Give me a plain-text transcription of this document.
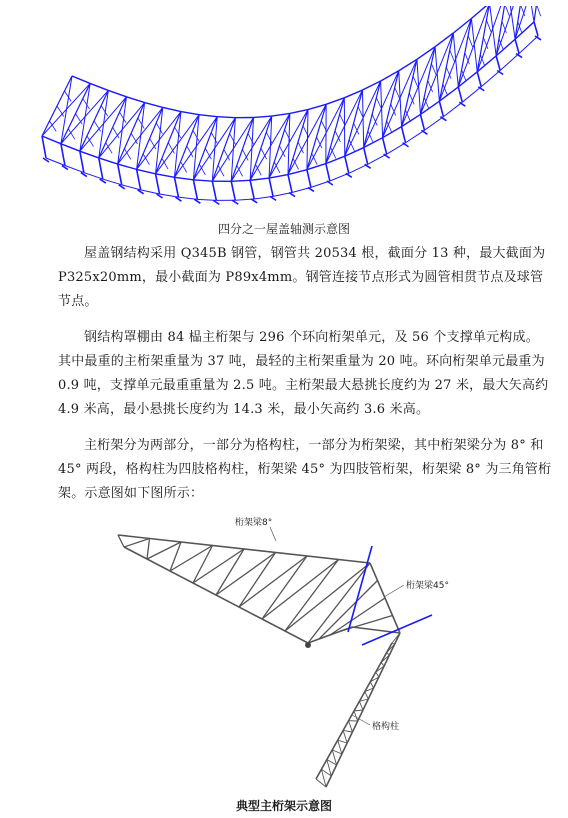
四分之一屋盖轴测示意图

屋盖钢结构采用 Q345B 钢管，钢管共 20534 根，截面分 13 种，最大截面为 P325x20mm，最小截面为 P89x4mm。钢管连接节点形式为圆管相贯节点及球管节点。

钢结构罩棚由 84 榀主桁架与 296 个环向桁架单元，及 56 个支撑单元构成。其中最重的主桁架重量为 37 吨，最轻的主桁架重量为 20 吨。环向桁架单元最重为 0.9 吨，支撑单元最重重量为 2.5 吨。主桁架最大悬挑长度约为 27 米，最大矢高约 4.9 米高，最小悬挑长度约为 14.3 米，最小矢高约 3.6 米高。

主桁架分为两部分，一部分为格构柱，一部分为桁架梁，其中桁架梁分为 8° 和 45° 两段，格构柱为四肢格构柱，桁架梁 45° 为四肢管桁架，桁架梁 8° 为三角管桁架。示意图如下图所示：

桁架梁8°
桁架梁45°
格构柱
典型主桁架示意图
